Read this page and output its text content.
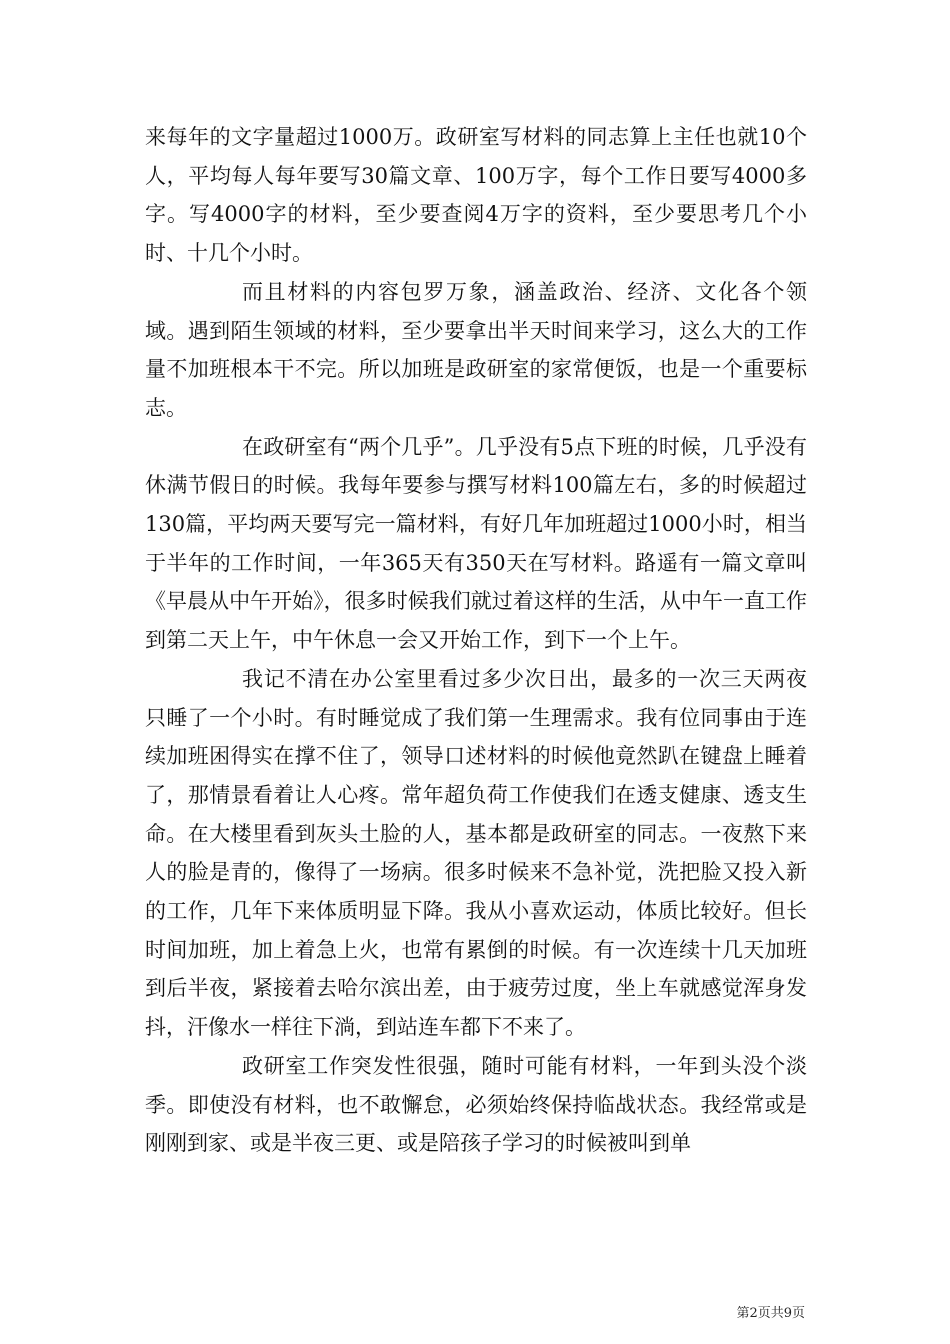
来每年的文字量超过1000万。政研室写材料的同志算上主任也就10个人，平均每人每年要写30篇文章、100万字，每个工作日要写4000多字。写4000字的材料，至少要查阅4万字的资料，至少要思考几个小时、十几个小时。

而且材料的内容包罗万象，涵盖政治、经济、文化各个领域。遇到陌生领域的材料，至少要拿出半天时间来学习，这么大的工作量不加班根本干不完。所以加班是政研室的家常便饭，也是一个重要标志。

在政研室有“两个几乎”。几乎没有5点下班的时候，几乎没有休满节假日的时候。我每年要参与撰写材料100篇左右，多的时候超过130篇，平均两天要写完一篇材料，有好几年加班超过1000小时，相当于半年的工作时间，一年365天有350天在写材料。路遥有一篇文章叫《早晨从中午开始》，很多时候我们就过着这样的生活，从中午一直工作到第二天上午，中午休息一会又开始工作，到下一个上午。

我记不清在办公室里看过多少次日出，最多的一次三天两夜只睡了一个小时。有时睡觉成了我们第一生理需求。我有位同事由于连续加班困得实在撑不住了，领导口述材料的时候他竟然趴在键盘上睡着了，那情景看着让人心疼。常年超负荷工作使我们在透支健康、透支生命。在大楼里看到灰头土脸的人，基本都是政研室的同志。一夜熬下来人的脸是青的，像得了一场病。很多时候来不急补觉，洗把脸又投入新的工作，几年下来体质明显下降。我从小喜欢运动，体质比较好。但长时间加班，加上着急上火，也常有累倒的时候。有一次连续十几天加班到后半夜，紧接着去哈尔滨出差，由于疲劳过度，坐上车就感觉浑身发抖，汗像水一样往下淌，到站连车都下不来了。

政研室工作突发性很强，随时可能有材料，一年到头没个淡季。即使没有材料，也不敢懈怠，必须始终保持临战状态。我经常或是刚刚到家、或是半夜三更、或是陪孩子学习的时候被叫到单

第2页共9页
